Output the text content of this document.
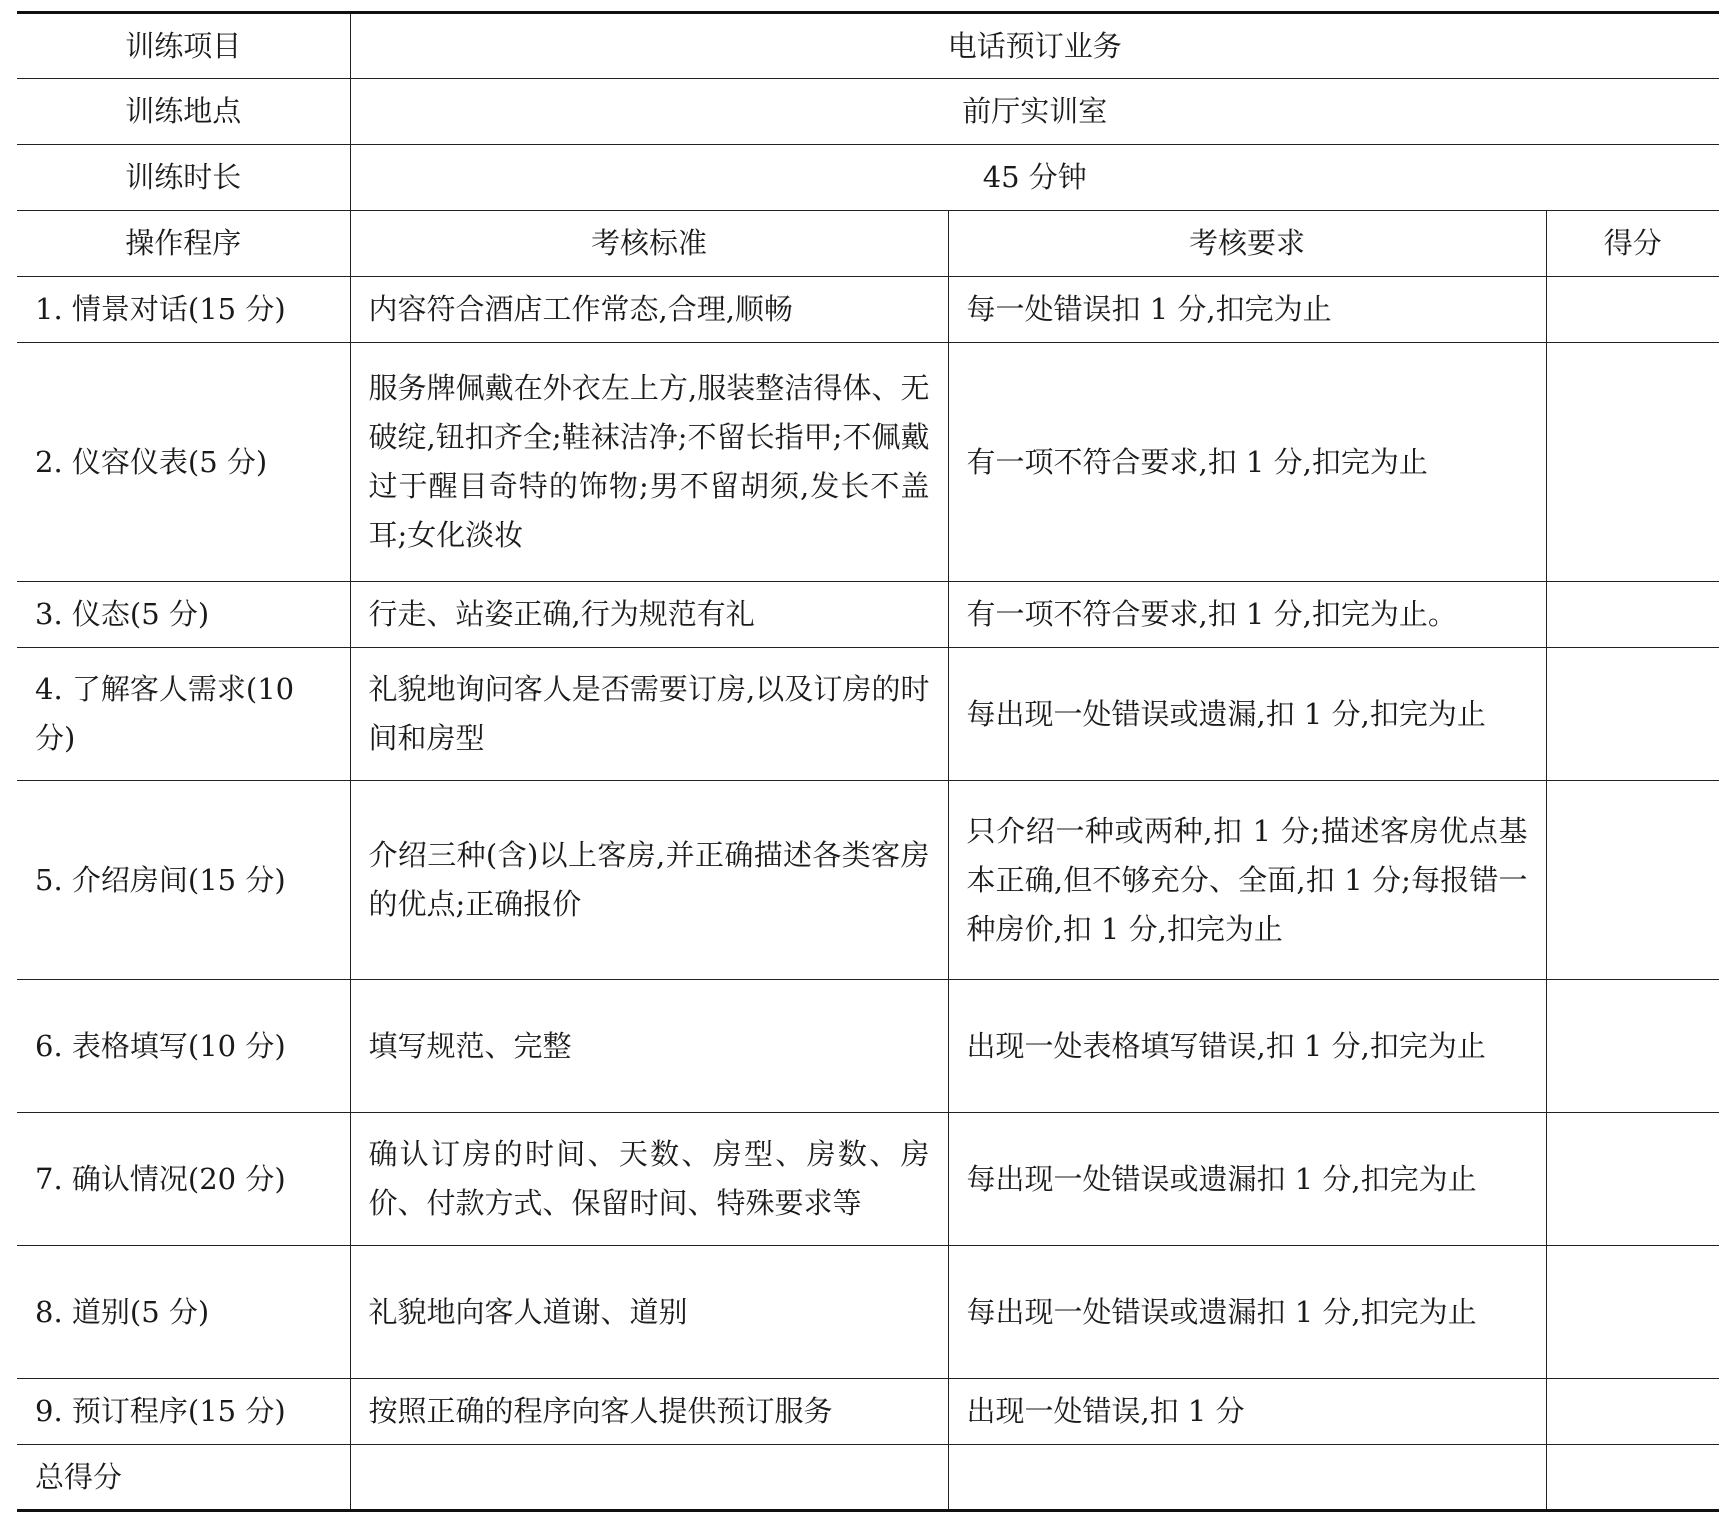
训练项目	电话预订业务		
训练地点	前厅实训室		
训练时长	45 分钟		
操作程序	考核标准	考核要求	得分
1. 情景对话(15 分)	内容符合酒店工作常态,合理,顺畅	每一处错误扣 1 分,扣完为止	
2. 仪容仪表(5 分)	服务牌佩戴在外衣左上方,服装整洁得体、无破绽,钮扣齐全;鞋袜洁净;不留长指甲;不佩戴过于醒目奇特的饰物;男不留胡须,发长不盖耳;女化淡妆	有一项不符合要求,扣 1 分,扣完为止	
3. 仪态(5 分)	行走、站姿正确,行为规范有礼	有一项不符合要求,扣 1 分,扣完为止。	
4. 了解客人需求(10 分)	礼貌地询问客人是否需要订房,以及订房的时间和房型	每出现一处错误或遗漏,扣 1 分,扣完为止	
5. 介绍房间(15 分)	介绍三种(含)以上客房,并正确描述各类客房的优点;正确报价	只介绍一种或两种,扣 1 分;描述客房优点基本正确,但不够充分、全面,扣 1 分;每报错一种房价,扣 1 分,扣完为止	
6. 表格填写(10 分)	填写规范、完整	出现一处表格填写错误,扣 1 分,扣完为止	
7. 确认情况(20 分)	确认订房的时间、天数、房型、房数、房价、付款方式、保留时间、特殊要求等	每出现一处错误或遗漏扣 1 分,扣完为止	
8. 道别(5 分)	礼貌地向客人道谢、道别	每出现一处错误或遗漏扣 1 分,扣完为止	
9. 预订程序(15 分)	按照正确的程序向客人提供预订服务	出现一处错误,扣 1 分	
总得分			
